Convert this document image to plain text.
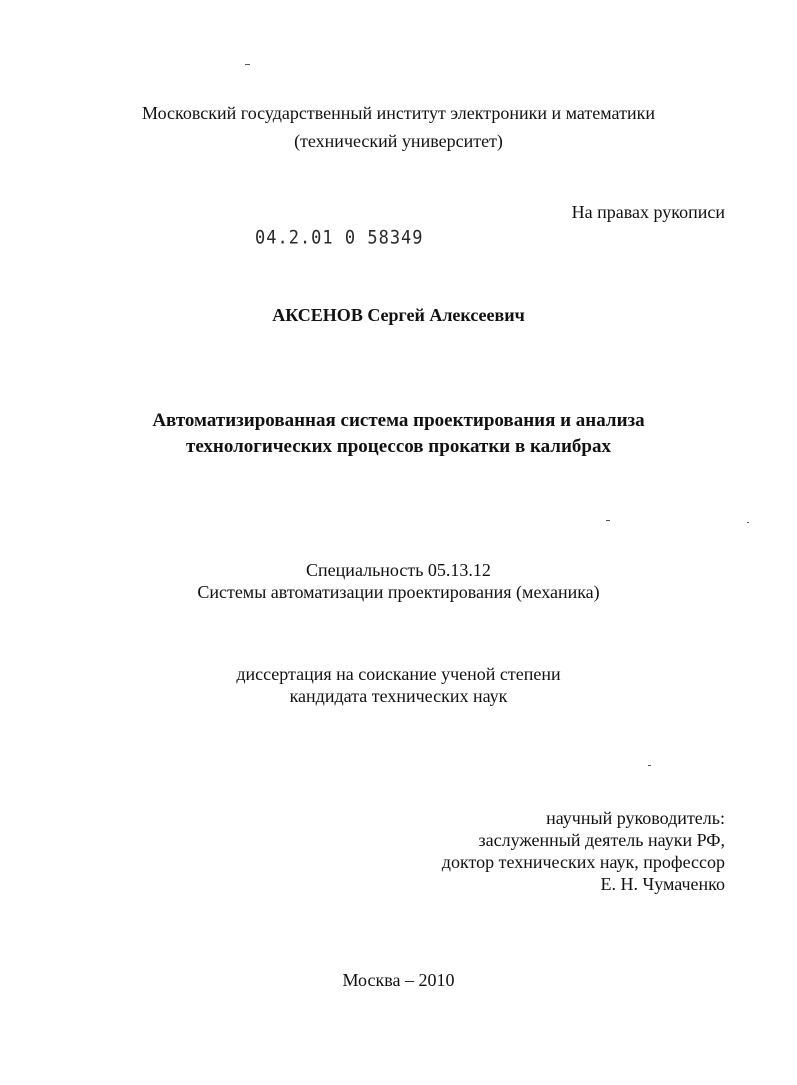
Московский государственный институт электроники и математики
(технический университет)
На правах рукописи
04.2.01 0 58349
АКСЕНОВ Сергей Алексеевич
Автоматизированная система проектирования и анализа
технологических процессов прокатки в калибрах
Специальность 05.13.12
Системы автоматизации проектирования (механика)
диссертация на соискание ученой степени
кандидата технических наук
научный руководитель:
заслуженный деятель науки РФ,
доктор технических наук, профессор
Е. Н. Чумаченко
Москва – 2010
